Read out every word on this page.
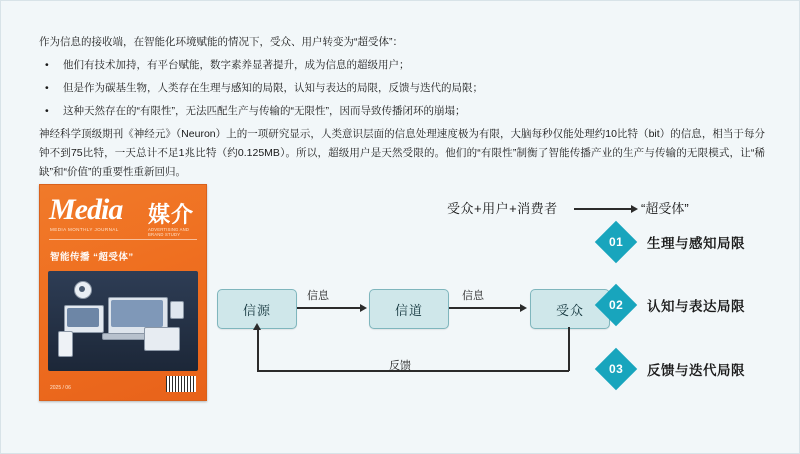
作为信息的接收端，在智能化环境赋能的情况下，受众、用户转变为“超受体”：

•	他们有技术加持，有平台赋能，数字素养显著提升，成为信息的超级用户；
•	但是作为碳基生物，人类存在生理与感知的局限，认知与表达的局限，反馈与迭代的局限；
•	这种天然存在的“有限性”，无法匹配生产与传输的“无限性”，因而导致传播闭环的崩塌；

神经科学顶级期刊《神经元》（Neuron）上的一项研究显示，人类意识层面的信息处理速度极为有限，大脑每秒仅能处理约10比特（bit）的信息，相当于每分钟不到75比特，一天总计不足1兆比特（约0.125MB）。所以，超级用户是天然受限的。他们的“有限性”制衡了智能传播产业的生产与传输的无限模式，让“稀缺”和“价值”的重要性重新回归。

Media 媒介
MEDIA MONTHLY JOURNAL	ADVERTISING AND BRAND STUDY
智能传播 “超受体”
2025 / 06
受众+用户+消费者	“超受体”
信源	信道	受众
信息	信息
反馈
01 生理与感知局限
02 认知与表达局限
03 反馈与迭代局限
